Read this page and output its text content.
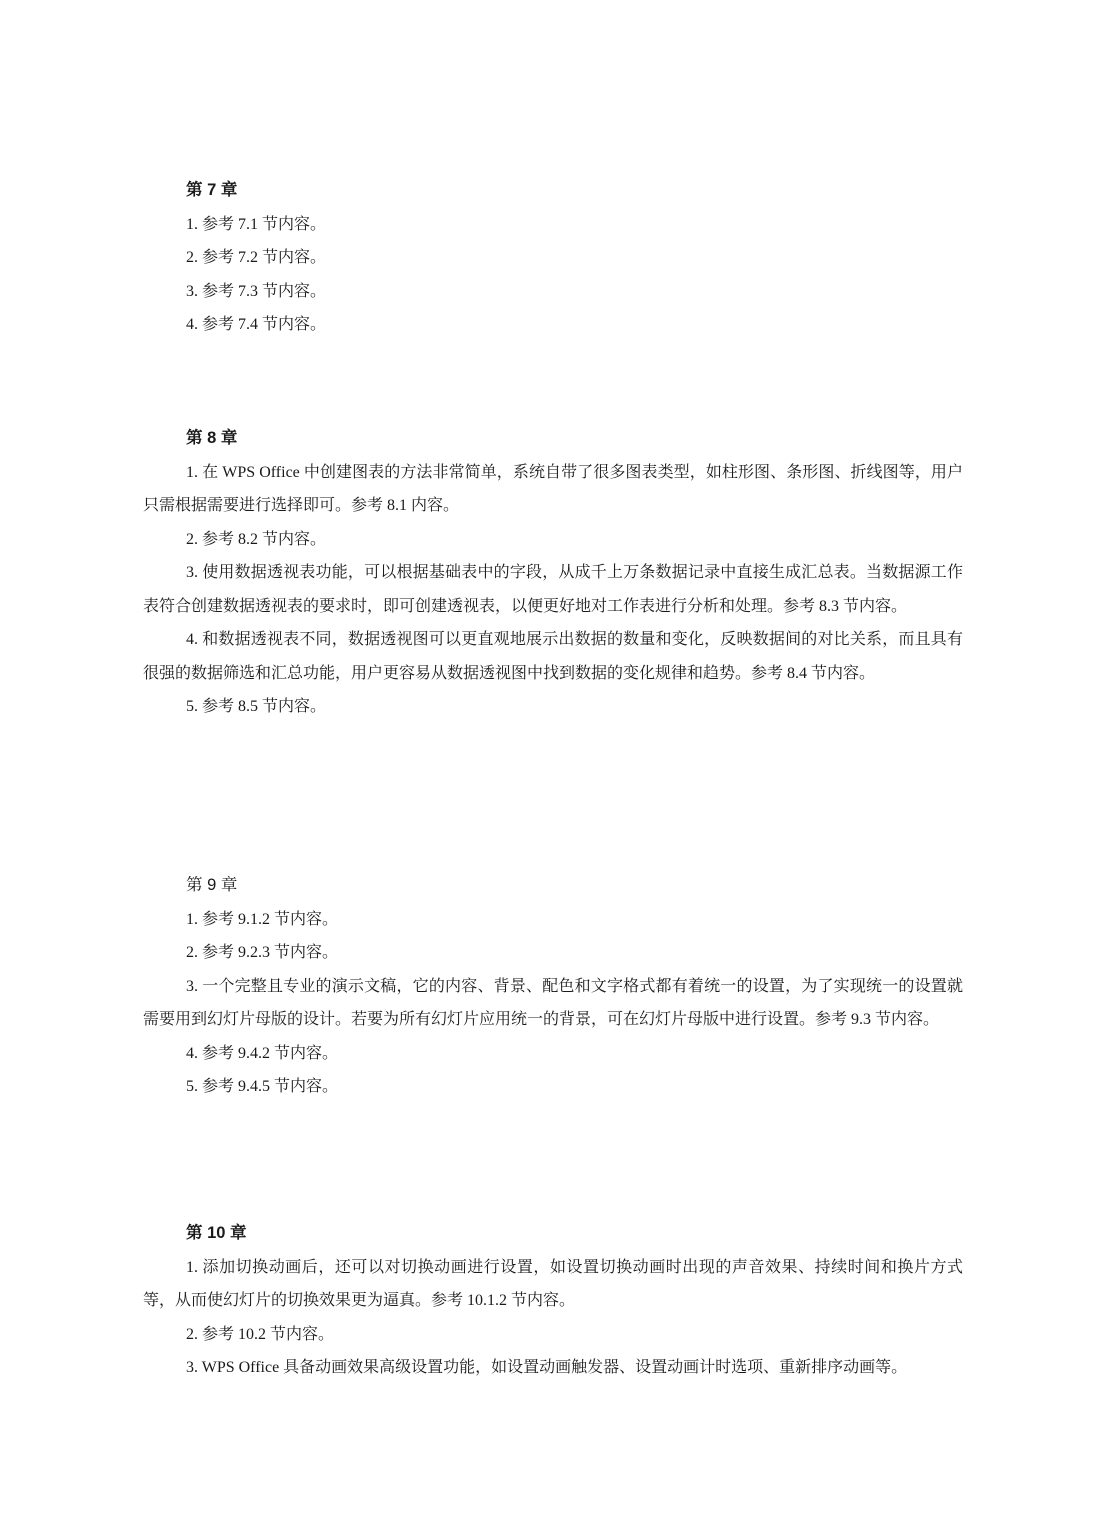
第 7 章

1. 参考 7.1 节内容。

2. 参考 7.2 节内容。

3. 参考 7.3 节内容。

4. 参考 7.4 节内容。

第 8 章

1. 在 WPS Office 中创建图表的方法非常简单，系统自带了很多图表类型，如柱形图、条形图、折线图等，用户只需根据需要进行选择即可。参考 8.1 内容。

2. 参考 8.2 节内容。

3. 使用数据透视表功能，可以根据基础表中的字段，从成千上万条数据记录中直接生成汇总表。当数据源工作表符合创建数据透视表的要求时，即可创建透视表，以便更好地对工作表进行分析和处理。参考 8.3 节内容。

4. 和数据透视表不同，数据透视图可以更直观地展示出数据的数量和变化，反映数据间的对比关系，而且具有很强的数据筛选和汇总功能，用户更容易从数据透视图中找到数据的变化规律和趋势。参考 8.4 节内容。

5. 参考 8.5 节内容。

第 9 章

1. 参考 9.1.2 节内容。

2. 参考 9.2.3 节内容。

3. 一个完整且专业的演示文稿，它的内容、背景、配色和文字格式都有着统一的设置，为了实现统一的设置就需要用到幻灯片母版的设计。若要为所有幻灯片应用统一的背景，可在幻灯片母版中进行设置。参考 9.3 节内容。

4. 参考 9.4.2 节内容。

5. 参考 9.4.5 节内容。

第 10 章

1. 添加切换动画后，还可以对切换动画进行设置，如设置切换动画时出现的声音效果、持续时间和换片方式等，从而使幻灯片的切换效果更为逼真。参考 10.1.2 节内容。

2. 参考 10.2 节内容。

3. WPS Office 具备动画效果高级设置功能，如设置动画触发器、设置动画计时选项、重新排序动画等。
